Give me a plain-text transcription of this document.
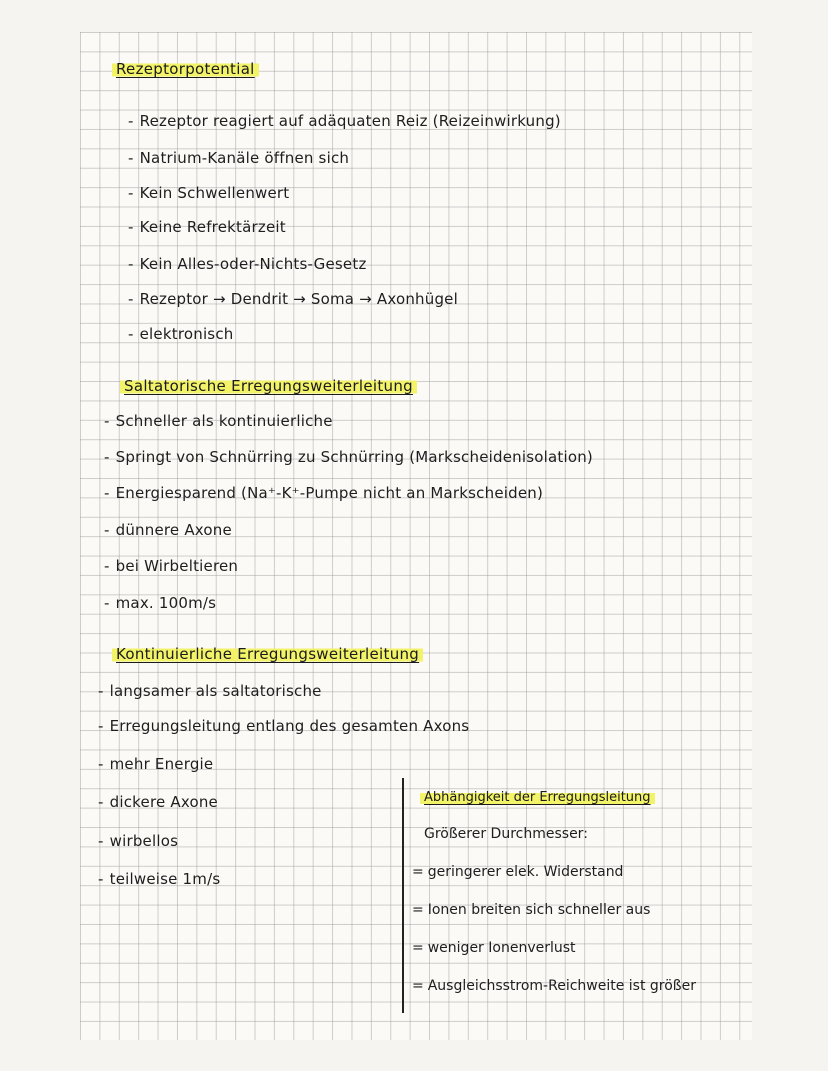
Rezeptorpotential
- Rezeptor reagiert auf adäquaten Reiz (Reizeinwirkung)
- Natrium-Kanäle öffnen sich
- Kein Schwellenwert
- Keine Refrektärzeit
- Kein Alles-oder-Nichts-Gesetz
- Rezeptor → Dendrit → Soma → Axonhügel
- elektronisch
Saltatorische Erregungsweiterleitung
- Schneller als kontinuierliche
- Springt von Schnürring zu Schnürring (Markscheidenisolation)
- Energiesparend (Na⁺-K⁺-Pumpe nicht an Markscheiden)
- dünnere Axone
- bei Wirbeltieren
- max. 100m/s
Kontinuierliche Erregungsweiterleitung
- langsamer als saltatorische
- Erregungsleitung entlang des gesamten Axons
- mehr Energie
- dickere Axone
- wirbellos
- teilweise 1m/s
Abhängigkeit der Erregungsleitung
Größerer Durchmesser:
= geringerer elek. Widerstand
= Ionen breiten sich schneller aus
= weniger Ionenverlust
= Ausgleichsstrom-Reichweite ist größer
